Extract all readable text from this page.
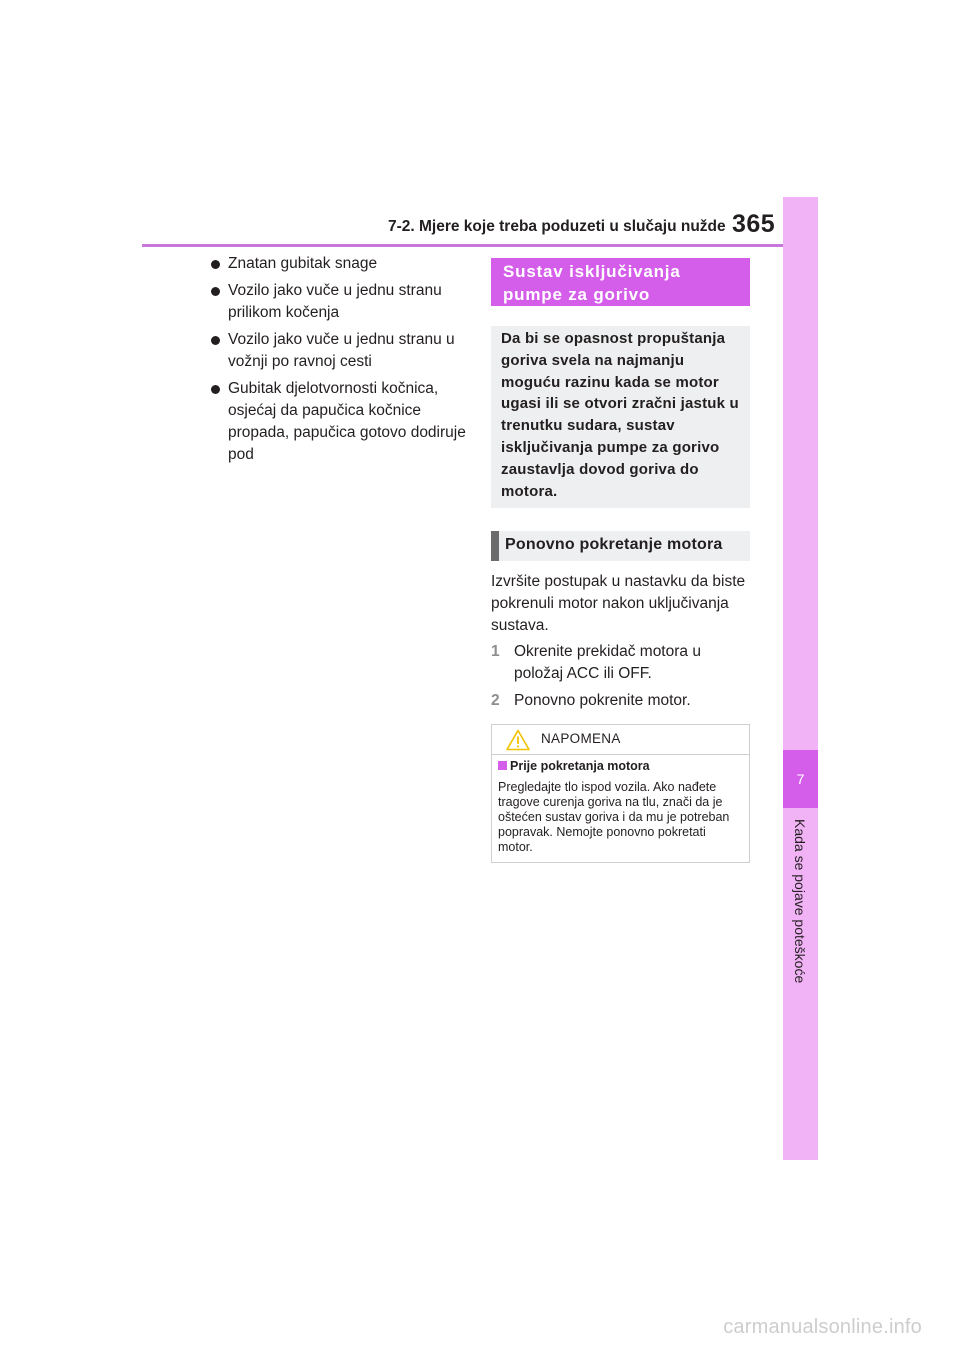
7-2. Mjere koje treba poduzeti u slučaju nužde 365
7
Kada se pojave poteškoće
Znatan gubitak snage
Vozilo jako vuče u jednu stranu prilikom kočenja
Vozilo jako vuče u jednu stranu u vožnji po ravnoj cesti
Gubitak djelotvornosti kočnica, osjećaj da papučica kočnice propada, papučica gotovo dodiruje pod
Sustav isključivanja pumpe za gorivo
Da bi se opasnost propuštanja goriva svela na najmanju moguću razinu kada se motor ugasi ili se otvori zračni jastuk u trenutku sudara, sustav isključivanja pumpe za gorivo zaustavlja dovod goriva do motora.
Ponovno pokretanje motora
Izvršite postupak u nastavku da biste pokrenuli motor nakon uključivanja sustava.
1 Okrenite prekidač motora u položaj ACC ili OFF.
2 Ponovno pokrenite motor.
NAPOMENA
Prije pokretanja motora
Pregledajte tlo ispod vozila. Ako nađete tragove curenja goriva na tlu, znači da je oštećen sustav goriva i da mu je potreban popravak. Nemojte ponovno pokretati motor.
carmanualsonline.info
